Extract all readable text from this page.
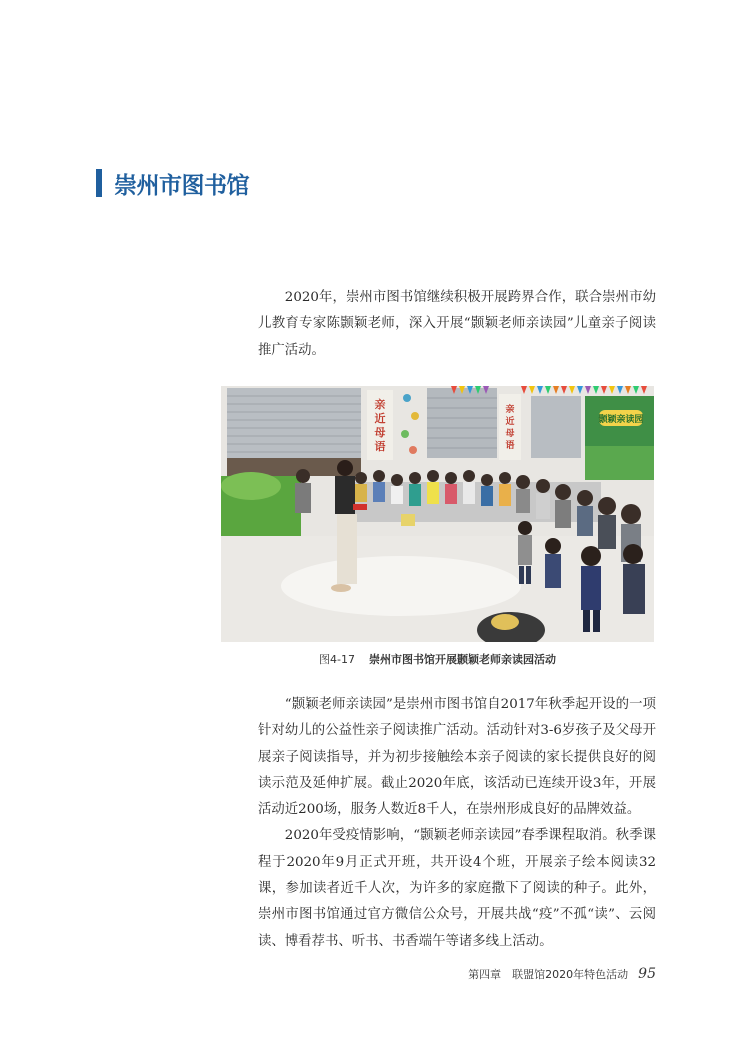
崇州市图书馆

2020年，崇州市图书馆继续积极开展跨界合作，联合崇州市幼儿教育专家陈颢颖老师，深入开展“颢颖老师亲读园”儿童亲子阅读推广活动。

亲
近
母
语
亲
近
母
语
颢颖亲读园
图4-17 崇州市图书馆开展颢颖老师亲读园活动

“颢颖老师亲读园”是崇州市图书馆自2017年秋季起开设的一项针对幼儿的公益性亲子阅读推广活动。活动针对3-6岁孩子及父母开展亲子阅读指导，并为初步接触绘本亲子阅读的家长提供良好的阅读示范及延伸扩展。截止2020年底，该活动已连续开设3年，开展活动近200场，服务人数近8千人，在崇州形成良好的品牌效益。

2020年受疫情影响，“颢颖老师亲读园”春季课程取消。秋季课程于2020年9月正式开班，共开设4个班，开展亲子绘本阅读32课，参加读者近千人次，为许多的家庭撒下了阅读的种子。此外，崇州市图书馆通过官方微信公众号，开展共战“疫”不孤“读”、云阅读、博看荐书、听书、书香端午等诸多线上活动。

第四章　联盟馆2020年特色活动 95
